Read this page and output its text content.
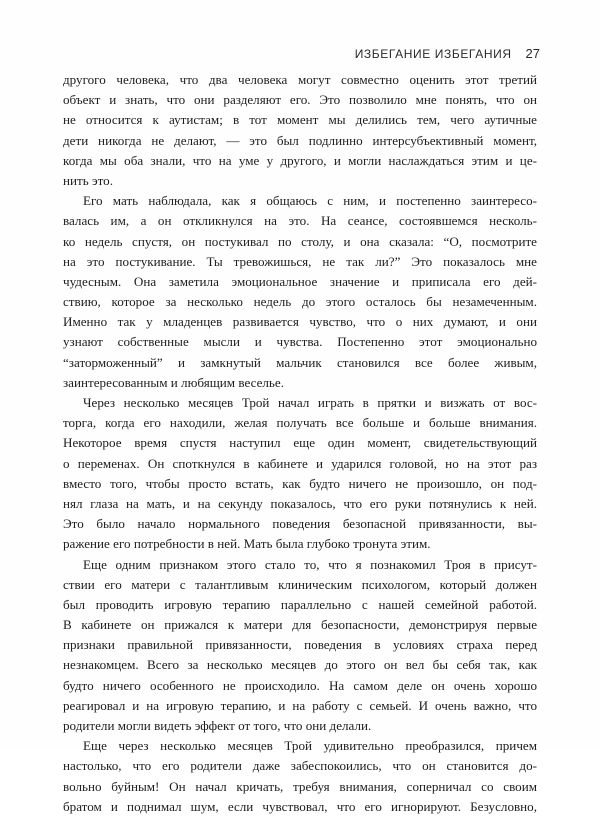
ИЗБЕГАНИЕ ИЗБЕГАНИЯ 27
другого человека, что два человека могут совместно оценить этот третий
объект и знать, что они разделяют его. Это позволило мне понять, что он
не относится к аутистам; в тот момент мы делились тем, чего аутичные
дети никогда не делают, — это был подлинно интерсубъективный момент,
когда мы оба знали, что на уме у другого, и могли наслаждаться этим и це-
нить это.
Его мать наблюдала, как я общаюсь с ним, и постепенно заинтересо-
валась им, а он откликнулся на это. На сеансе, состоявшемся несколь-
ко недель спустя, он постукивал по столу, и она сказала: “О, посмотрите
на это постукивание. Ты тревожишься, не так ли?” Это показалось мне
чудесным. Она заметила эмоциональное значение и приписала его дей-
ствию, которое за несколько недель до этого осталось бы незамеченным.
Именно так у младенцев развивается чувство, что о них думают, и они
узнают собственные мысли и чувства. Постепенно этот эмоционально
“заторможенный” и замкнутый мальчик становился все более живым,
заинтересованным и любящим веселье.
Через несколько месяцев Трой начал играть в прятки и визжать от вос-
торга, когда его находили, желая получать все больше и больше внимания.
Некоторое время спустя наступил еще один момент, свидетельствующий
о переменах. Он споткнулся в кабинете и ударился головой, но на этот раз
вместо того, чтобы просто встать, как будто ничего не произошло, он под-
нял глаза на мать, и на секунду показалось, что его руки потянулись к ней.
Это было начало нормального поведения безопасной привязанности, вы-
ражение его потребности в ней. Мать была глубоко тронута этим.
Еще одним признаком этого стало то, что я познакомил Троя в присут-
ствии его матери с талантливым клиническим психологом, который должен
был проводить игровую терапию параллельно с нашей семейной работой.
В кабинете он прижался к матери для безопасности, демонстрируя первые
признаки правильной привязанности, поведения в условиях страха перед
незнакомцем. Всего за несколько месяцев до этого он вел бы себя так, как
будто ничего особенного не происходило. На самом деле он очень хорошо
реагировал и на игровую терапию, и на работу с семьей. И очень важно, что
родители могли видеть эффект от того, что они делали.
Еще через несколько месяцев Трой удивительно преобразился, причем
настолько, что его родители даже забеспокоились, что он становится до-
вольно буйным! Он начал кричать, требуя внимания, соперничал со своим
братом и поднимал шум, если чувствовал, что его игнорируют. Безусловно,
